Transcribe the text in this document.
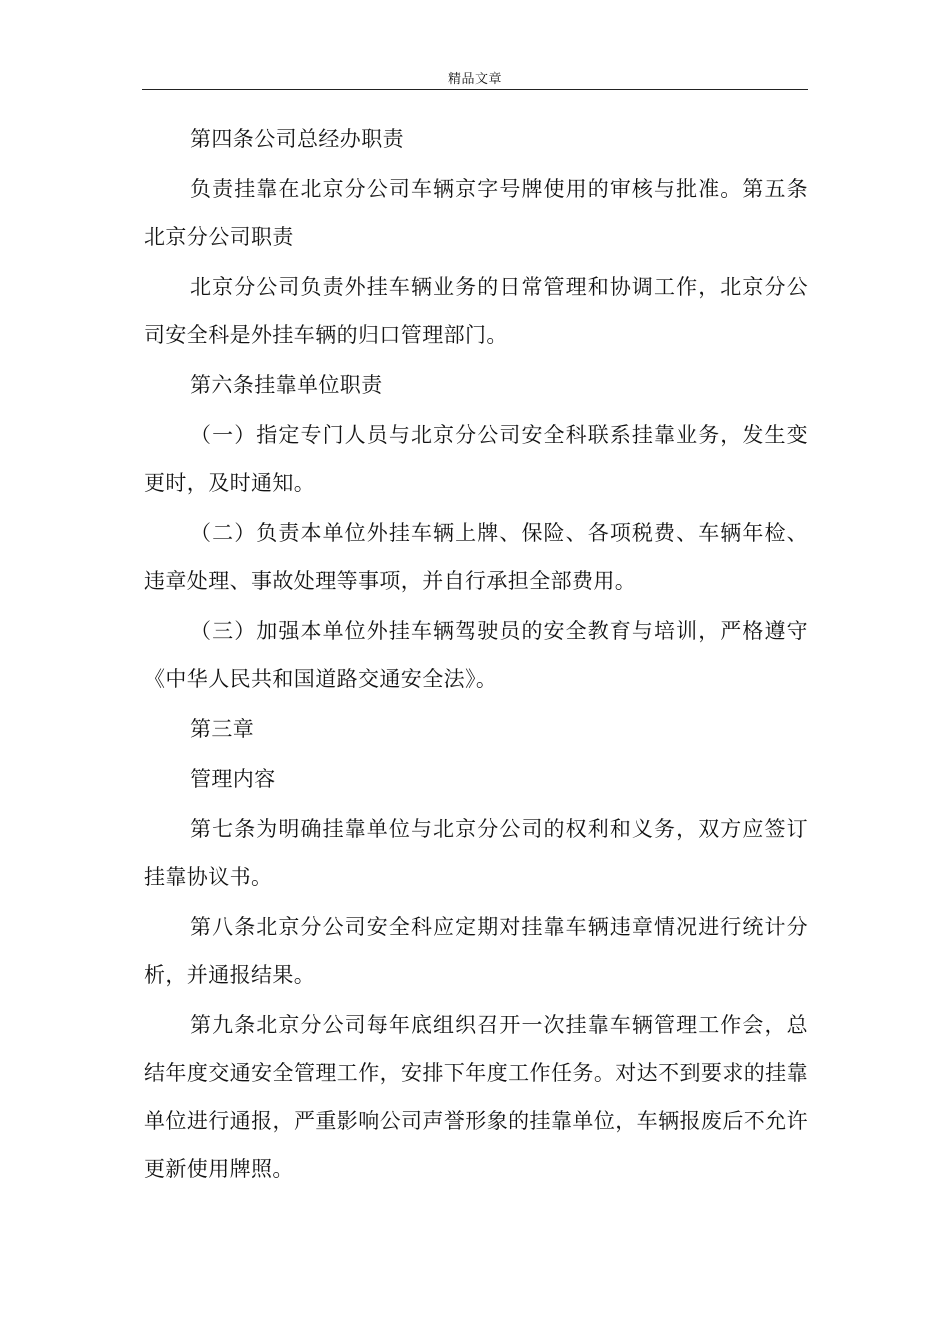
精品文章

第四条公司总经办职责

负责挂靠在北京分公司车辆京字号牌使用的审核与批准。第五条北京分公司职责

北京分公司负责外挂车辆业务的日常管理和协调工作，北京分公司安全科是外挂车辆的归口管理部门。

第六条挂靠单位职责

（一）指定专门人员与北京分公司安全科联系挂靠业务，发生变更时，及时通知。

（二）负责本单位外挂车辆上牌、保险、各项税费、车辆年检、违章处理、事故处理等事项，并自行承担全部费用。

（三）加强本单位外挂车辆驾驶员的安全教育与培训，严格遵守《中华人民共和国道路交通安全法》。

第三章

管理内容

第七条为明确挂靠单位与北京分公司的权利和义务，双方应签订挂靠协议书。

第八条北京分公司安全科应定期对挂靠车辆违章情况进行统计分析，并通报结果。

第九条北京分公司每年底组织召开一次挂靠车辆管理工作会，总结年度交通安全管理工作，安排下年度工作任务。对达不到要求的挂靠单位进行通报，严重影响公司声誉形象的挂靠单位，车辆报废后不允许更新使用牌照。
